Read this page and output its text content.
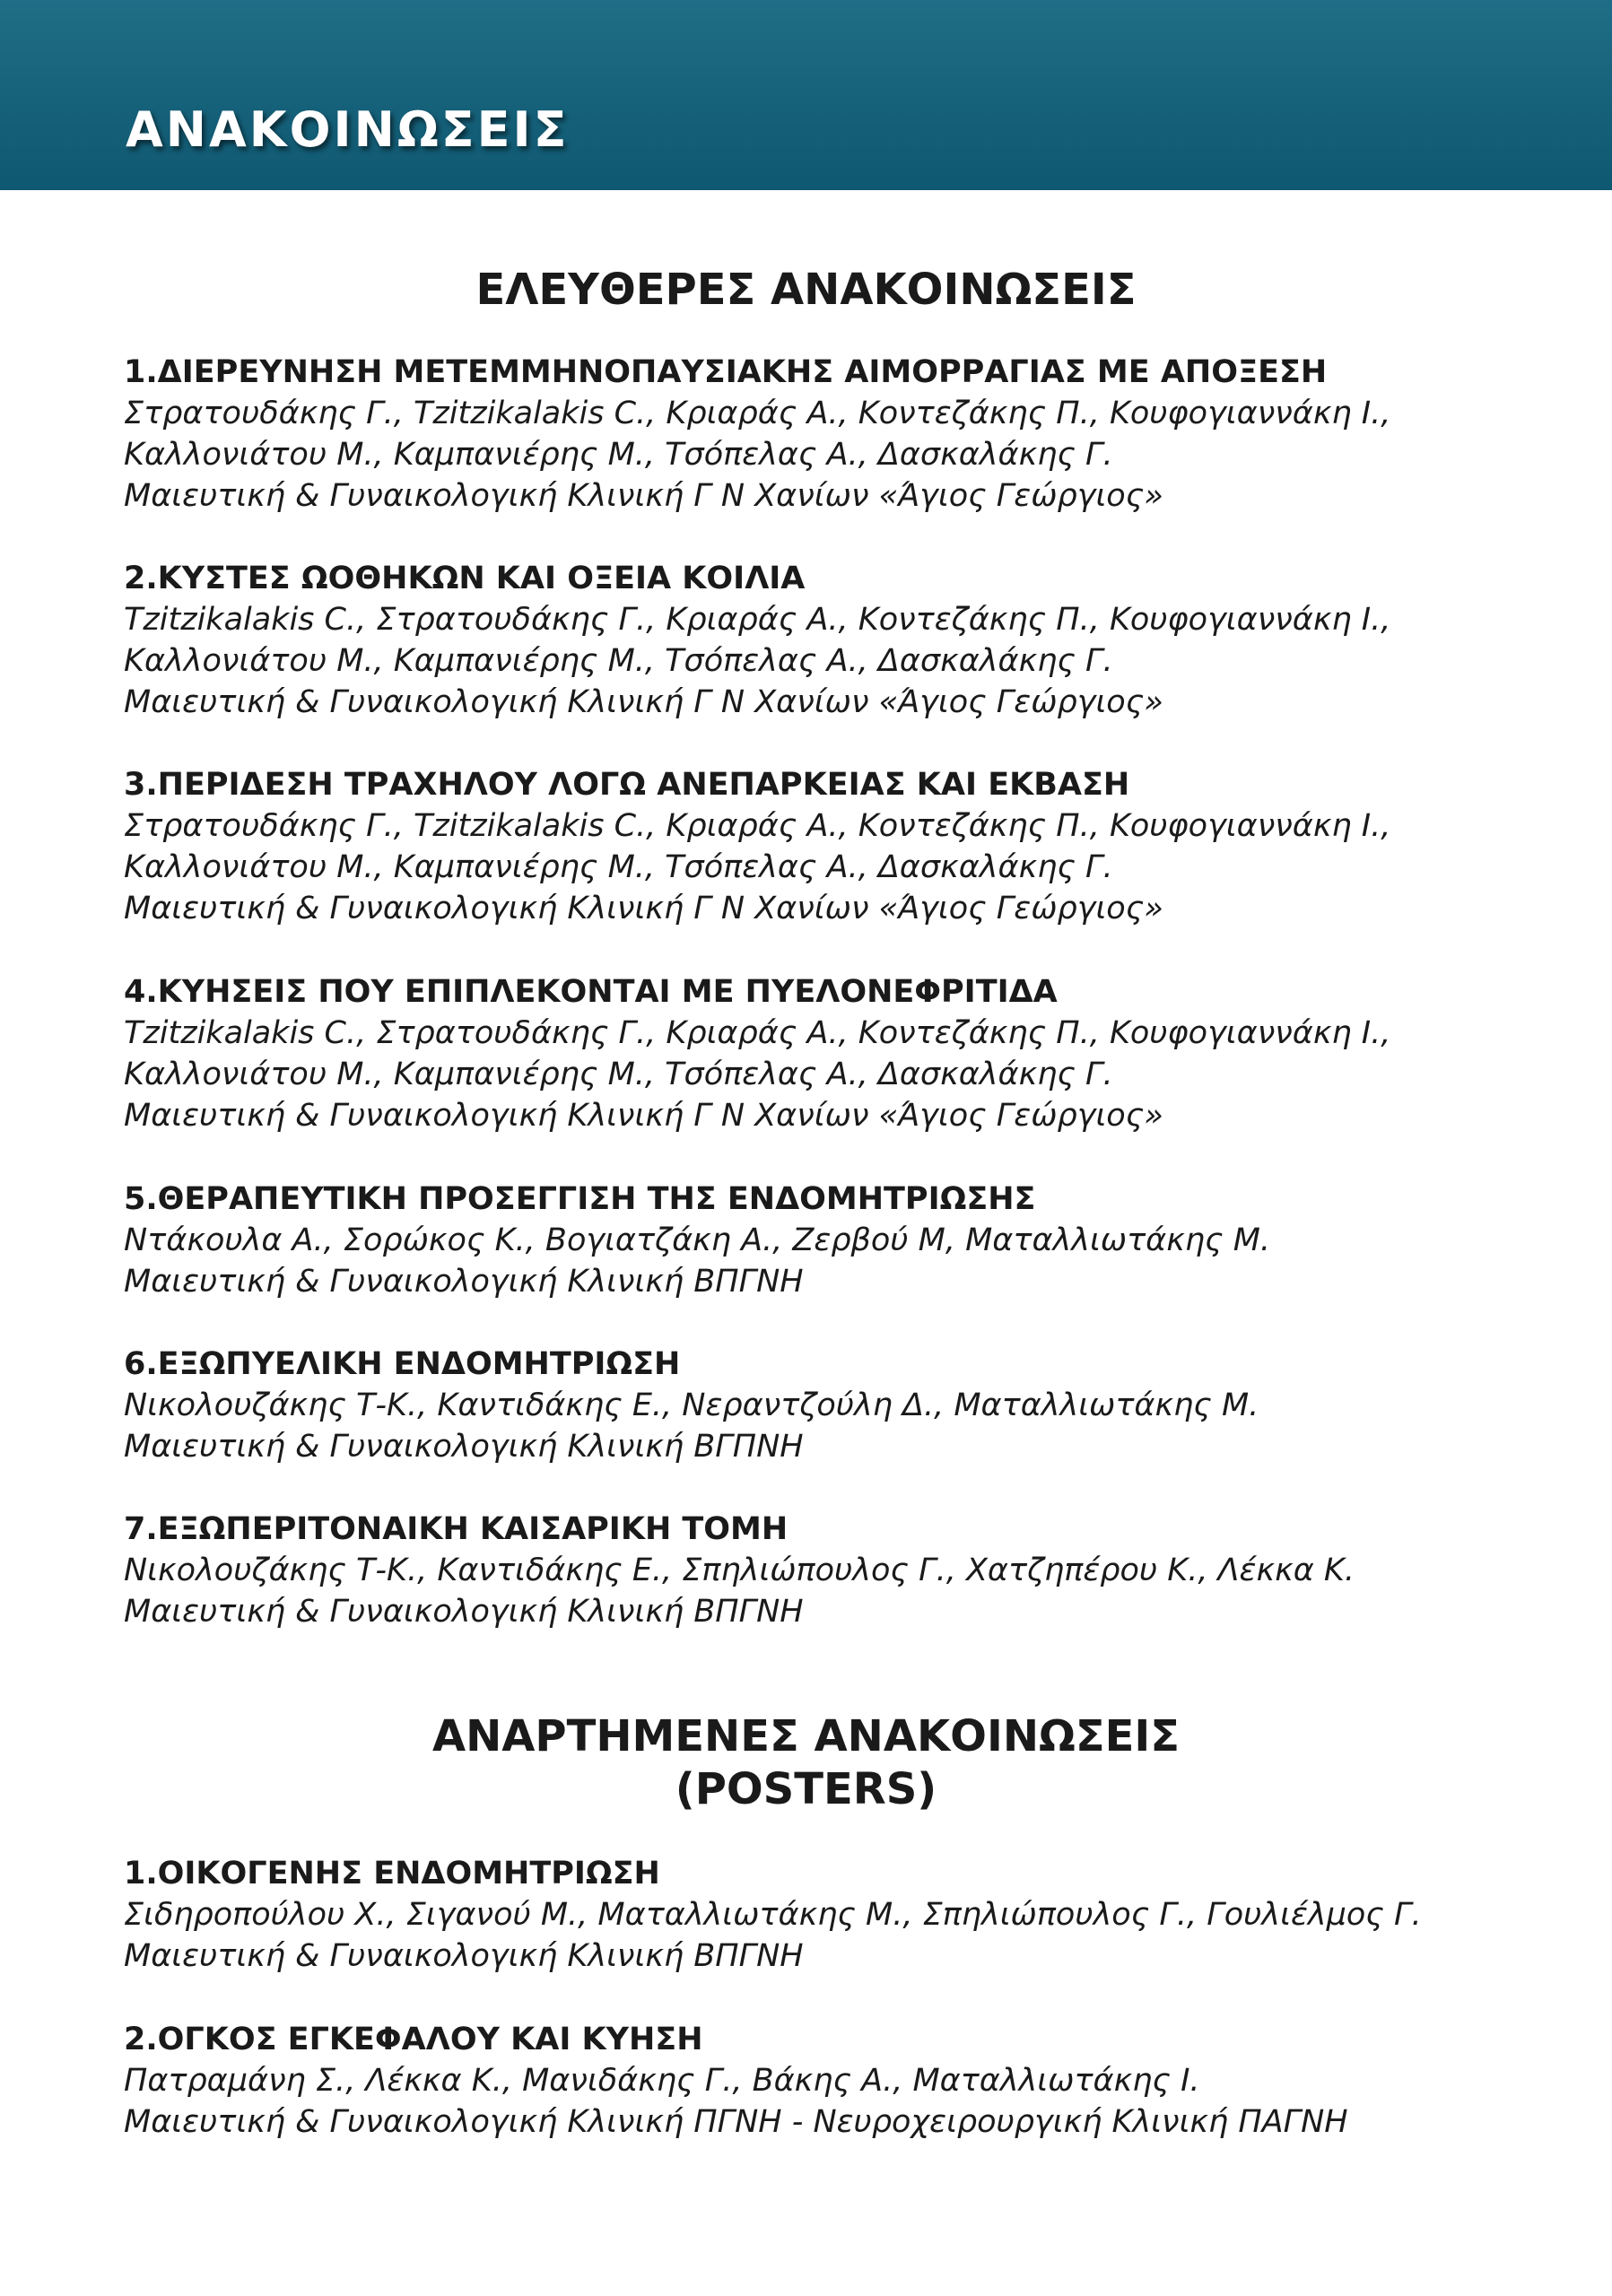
ΑΝΑΚΟΙΝΩΣΕΙΣ
ΕΛΕΥΘΕΡΕΣ ΑΝΑΚΟΙΝΩΣΕΙΣ
1.ΔΙΕΡΕΥΝΗΣΗ ΜΕΤΕΜΜΗΝΟΠΑΥΣΙΑΚΗΣ ΑΙΜΟΡΡΑΓΙΑΣ ΜΕ ΑΠΟΞΕΣΗ
Στρατουδάκης Γ., Tzitzikalakis C., Κριαράς Α., Κοντεζάκης Π., Κουφογιαννάκη Ι.,
Καλλονιάτου Μ., Καμπανιέρης Μ., Τσόπελας Α., Δασκαλάκης Γ.
Μαιευτική & Γυναικολογική Κλινική Γ Ν Χανίων «Άγιος Γεώργιος»
2.ΚΥΣΤΕΣ ΩΟΘΗΚΩΝ ΚΑΙ ΟΞΕΙΑ ΚΟΙΛΙΑ
Tzitzikalakis C., Στρατουδάκης Γ., Κριαράς Α., Κοντεζάκης Π., Κουφογιαννάκη Ι.,
Καλλονιάτου Μ., Καμπανιέρης Μ., Τσόπελας Α., Δασκαλάκης Γ.
Μαιευτική & Γυναικολογική Κλινική Γ Ν Χανίων «Άγιος Γεώργιος»
3.ΠΕΡΙΔΕΣΗ ΤΡΑΧΗΛΟΥ ΛΟΓΩ ΑΝΕΠΑΡΚΕΙΑΣ ΚΑΙ ΕΚΒΑΣΗ
Στρατουδάκης Γ., Tzitzikalakis C., Κριαράς Α., Κοντεζάκης Π., Κουφογιαννάκη Ι.,
Καλλονιάτου Μ., Καμπανιέρης Μ., Τσόπελας Α., Δασκαλάκης Γ.
Μαιευτική & Γυναικολογική Κλινική Γ Ν Χανίων «Άγιος Γεώργιος»
4.ΚΥΗΣΕΙΣ ΠΟΥ ΕΠΙΠΛΕΚΟΝΤΑΙ ΜΕ ΠΥΕΛΟΝΕΦΡΙΤΙΔΑ
Tzitzikalakis C., Στρατουδάκης Γ., Κριαράς Α., Κοντεζάκης Π., Κουφογιαννάκη Ι.,
Καλλονιάτου Μ., Καμπανιέρης Μ., Τσόπελας Α., Δασκαλάκης Γ.
Μαιευτική & Γυναικολογική Κλινική Γ Ν Χανίων «Άγιος Γεώργιος»
5.ΘΕΡΑΠΕΥΤΙΚΗ ΠΡΟΣΕΓΓΙΣΗ ΤΗΣ ΕΝΔΟΜΗΤΡΙΩΣΗΣ
Ντάκουλα Α., Σορώκος Κ., Βογιατζάκη Α., Ζερβού Μ, Ματαλλιωτάκης Μ.
Μαιευτική & Γυναικολογική Κλινική ΒΠΓΝΗ
6.ΕΞΩΠΥΕΛΙΚΗ ΕΝΔΟΜΗΤΡΙΩΣΗ
Νικολουζάκης Τ-Κ., Καντιδάκης Ε., Νεραντζούλη Δ., Ματαλλιωτάκης Μ.
Μαιευτική & Γυναικολογική Κλινική ΒΓΠΝΗ
7.ΕΞΩΠΕΡΙΤΟΝΑΙΚΗ ΚΑΙΣΑΡΙΚΗ ΤΟΜΗ
Νικολουζάκης Τ-Κ., Καντιδάκης Ε., Σπηλιώπουλος Γ., Χατζηπέρου Κ., Λέκκα Κ.
Μαιευτική & Γυναικολογική Κλινική ΒΠΓΝΗ
ΑΝΑΡΤΗΜΕΝΕΣ ΑΝΑΚΟΙΝΩΣΕΙΣ
(POSTERS)
1.ΟΙΚΟΓΕΝΗΣ ΕΝΔΟΜΗΤΡΙΩΣΗ
Σιδηροπούλου Χ., Σιγανού Μ., Ματαλλιωτάκης Μ., Σπηλιώπουλος Γ., Γουλιέλμος Γ.
Μαιευτική & Γυναικολογική Κλινική ΒΠΓΝΗ
2.ΟΓΚΟΣ ΕΓΚΕΦΑΛΟΥ ΚΑΙ ΚΥΗΣΗ
Πατραμάνη Σ., Λέκκα Κ., Μανιδάκης Γ., Βάκης Α., Ματαλλιωτάκης Ι.
Μαιευτική & Γυναικολογική Κλινική ΠΓΝΗ - Νευροχειρουργική Κλινική ΠΑΓΝΗ
